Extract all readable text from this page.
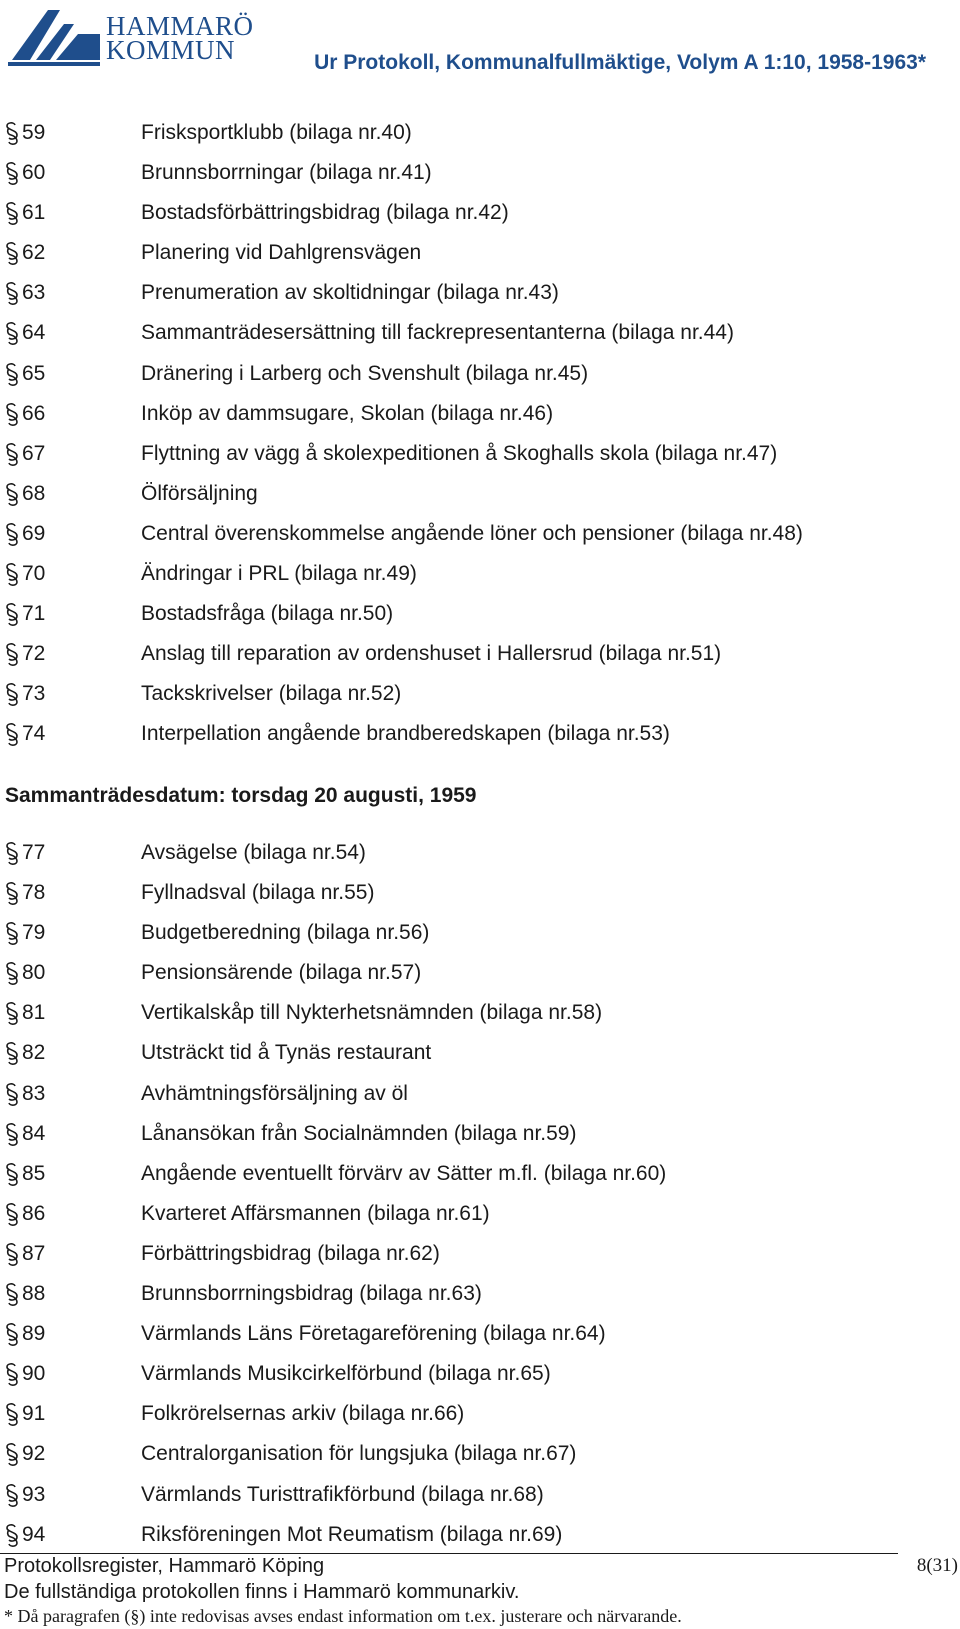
HAMMARÖ
KOMMUN	Ur Protokoll, Kommunalfullmäktige, Volym A 1:10, 1958-1963*
59	Frisksportklubb (bilaga nr.40)
60	Brunnsborrningar (bilaga nr.41)
61	Bostadsförbättringsbidrag (bilaga nr.42)
62	Planering vid Dahlgrensvägen
63	Prenumeration av skoltidningar (bilaga nr.43)
64	Sammanträdesersättning till fackrepresentanterna (bilaga nr.44)
65	Dränering i Larberg och Svenshult (bilaga nr.45)
66	Inköp av dammsugare, Skolan (bilaga nr.46)
67	Flyttning av vägg å skolexpeditionen å Skoghalls skola (bilaga nr.47)
68	Ölförsäljning
69	Central överenskommelse angående löner och pensioner (bilaga nr.48)
70	Ändringar i PRL (bilaga nr.49)
71	Bostadsfråga (bilaga nr.50)
72	Anslag till reparation av ordenshuset i Hallersrud (bilaga nr.51)
73	Tackskrivelser (bilaga nr.52)
74	Interpellation angående brandberedskapen (bilaga nr.53)
Sammanträdesdatum: torsdag 20 augusti, 1959
77	Avsägelse (bilaga nr.54)
78	Fyllnadsval (bilaga nr.55)
79	Budgetberedning (bilaga nr.56)
80	Pensionsärende (bilaga nr.57)
81	Vertikalskåp till Nykterhetsnämnden (bilaga nr.58)
82	Utsträckt tid å Tynäs restaurant
83	Avhämtningsförsäljning av öl
84	Lånansökan från Socialnämnden (bilaga nr.59)
85	Angående eventuellt förvärv av Sätter m.fl. (bilaga nr.60)
86	Kvarteret Affärsmannen (bilaga nr.61)
87	Förbättringsbidrag (bilaga nr.62)
88	Brunnsborrningsbidrag (bilaga nr.63)
89	Värmlands Läns Företagareförening (bilaga nr.64)
90	Värmlands Musikcirkelförbund (bilaga nr.65)
91	Folkrörelsernas arkiv (bilaga nr.66)
92	Centralorganisation för lungsjuka (bilaga nr.67)
93	Värmlands Turisttrafikförbund (bilaga nr.68)
94	Riksföreningen Mot Reumatism (bilaga nr.69)
Protokollsregister, Hammarö Köping
De fullständiga protokollen finns i Hammarö kommunarkiv.
* Då paragrafen (§) inte redovisas avses endast information om t.ex. justerare och närvarande.
8(31)
